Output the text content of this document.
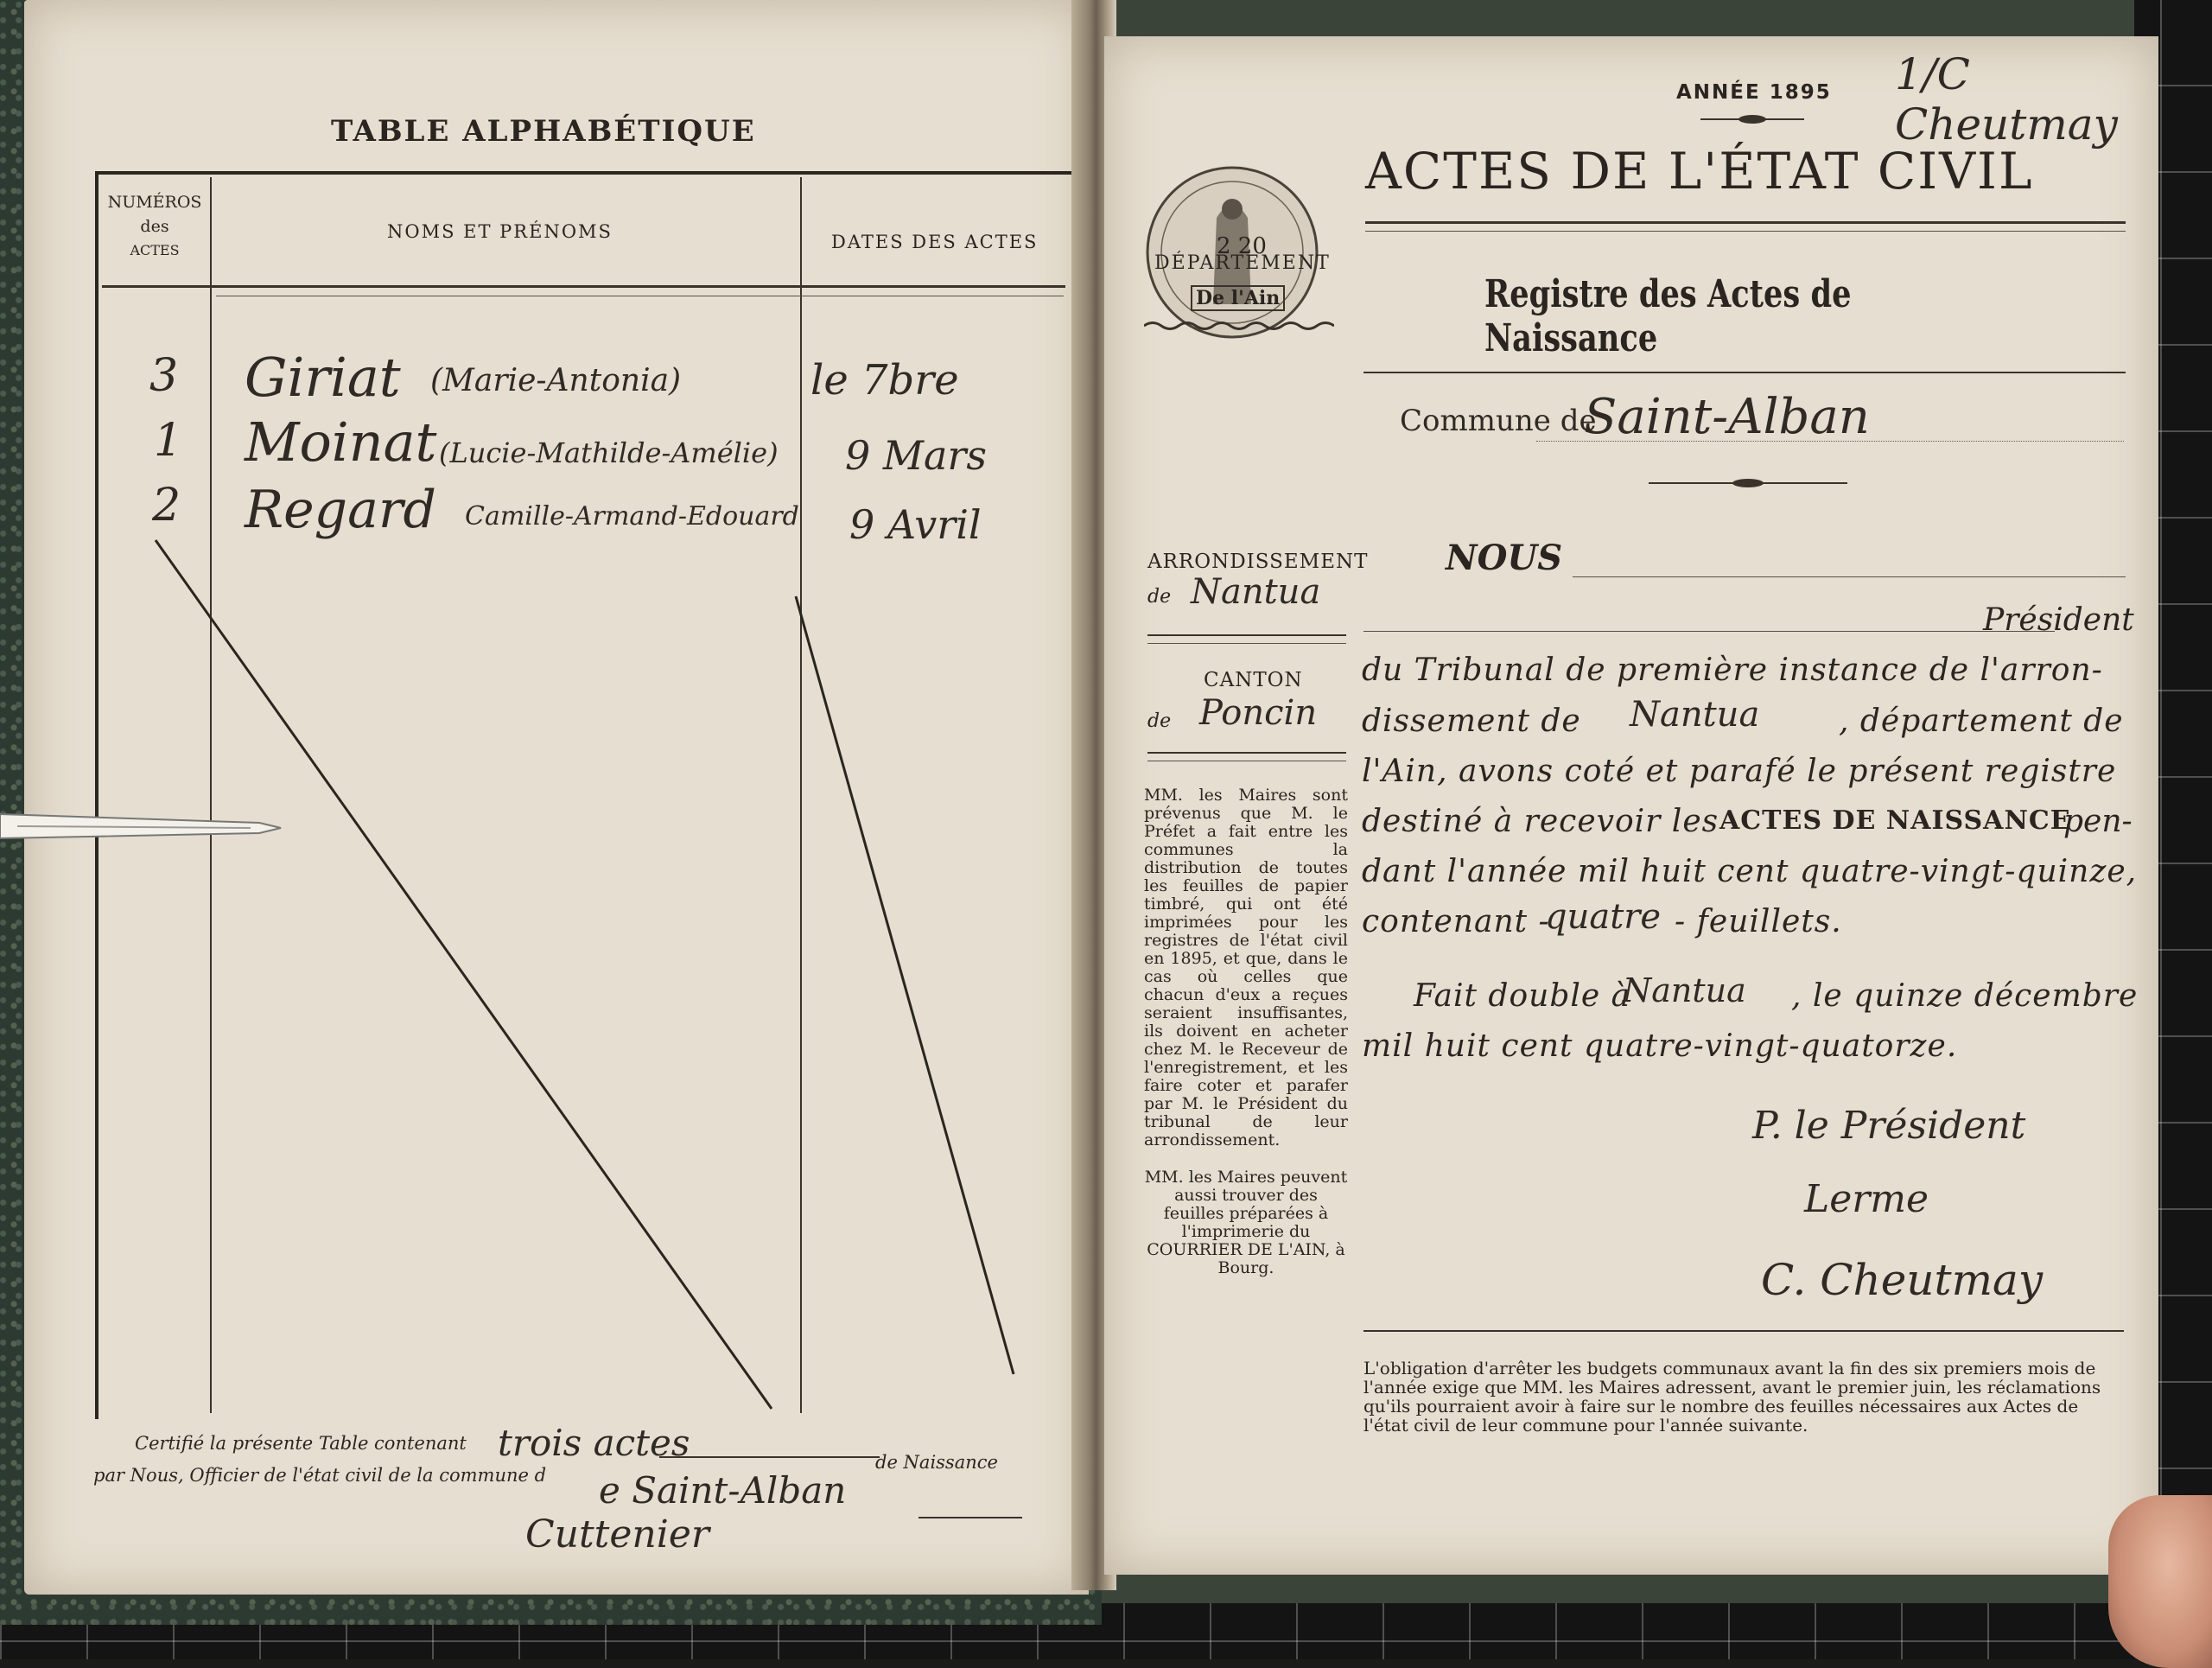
TABLE ALPHABÉTIQUE
NUMÉROS
des
ACTES
NOMS ET PRÉNOMS	DATES DES ACTES
3 Giriat (Marie-Antonia)	le 7bre
1 Moinat (Lucie-Mathilde-Amélie) 9 Mars
2 Regard Camille-Armand-Edouard 9 Avril
Certifié la présente Table contenant trois actes	de Naissance
par Nous, Officier de l'état civil de la commune d e Saint-Alban
Cuttenier
1/C Cheutmay
ANNÉE 1895
ACTES DE L'ÉTAT CIVIL
2 20
DÉPARTEMENT
De l'Ain	Registre des Actes de Naissance
Commune de
Saint-Alban
ARRONDISSEMENT
de Nantua
CANTON
de Poncin
MM. les Maires sont prévenus que M. le Préfet a fait entre les communes la distribution de toutes les feuilles de papier timbré, qui ont été imprimées pour les registres de l'état civil en 1895, et que, dans le cas où celles que chacun d'eux a reçues seraient insuffisantes, ils doivent en acheter chez M. le Receveur de l'enregistrement, et les faire coter et parafer par M. le Président du tribunal de leur arrondissement.
MM. les Maires peuvent aussi trouver des feuilles préparées à l'imprimerie du COURRIER DE L'AIN, à Bourg.
NOUS
Président
du Tribunal de première instance de l'arron-
dissement de Nantua	, département de
l'Ain, avons coté et parafé le présent registre
destiné à recevoir les ACTES DE NAISSANCE
pen-
dant l'année mil huit cent quatre-vingt-quinze,
contenant -
quatre - feuillets.
Fait double à
Nantua , le quinze décembre
mil huit cent quatre-vingt-quatorze.
P. le Président
Lerme
C. Cheutmay
L'obligation d'arrêter les budgets communaux avant la fin des six premiers mois de l'année exige que MM. les Maires adressent, avant le premier juin, les réclamations qu'ils pourraient avoir à faire sur le nombre des feuilles nécessaires aux Actes de l'état civil de leur commune pour l'année suivante.
